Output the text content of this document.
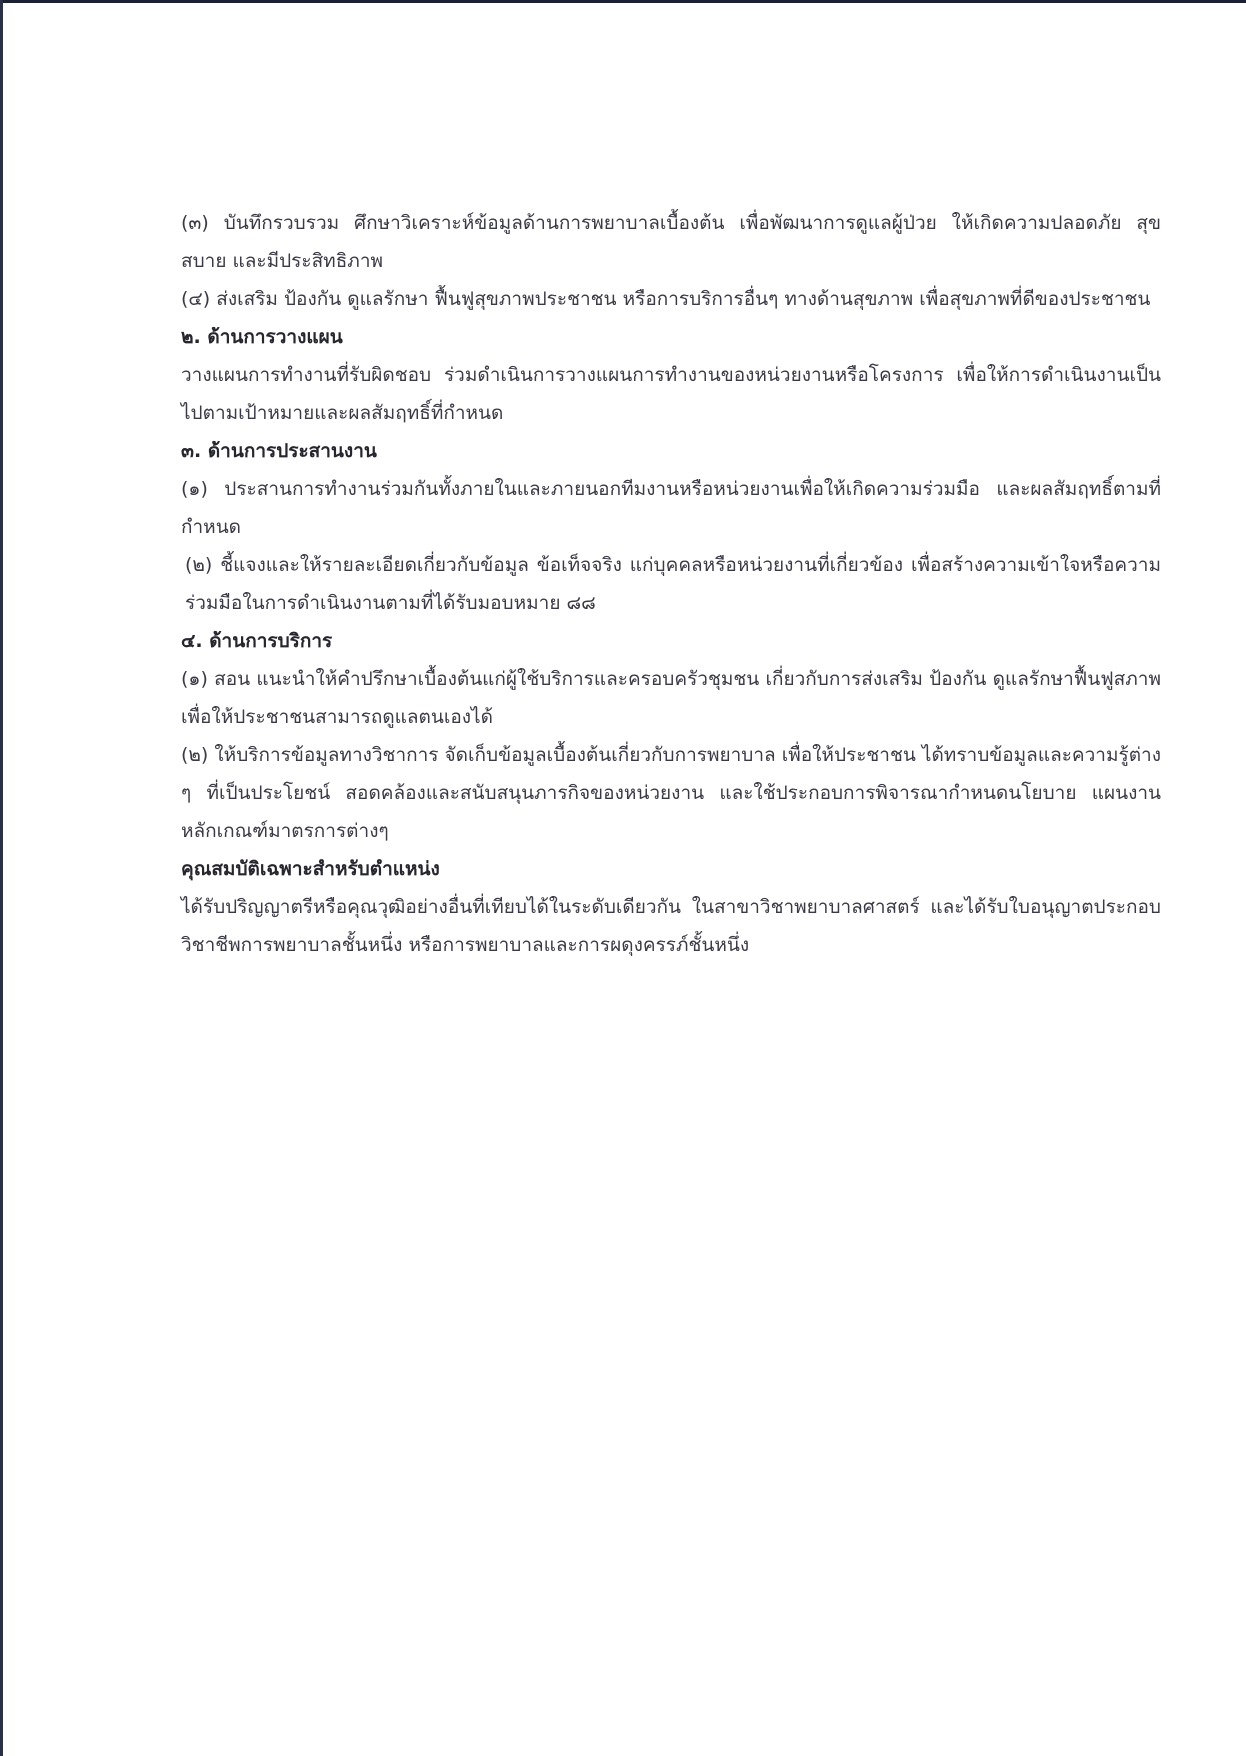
(๓) บันทึกรวบรวม ศึกษาวิเคราะห์ข้อมูลด้านการพยาบาลเบื้องต้น เพื่อพัฒนาการดูแลผู้ป่วย ให้เกิดความปลอดภัย สุขสบาย และมีประสิทธิภาพ

(๔) ส่งเสริม ป้องกัน ดูแลรักษา ฟื้นฟูสุขภาพประชาชน หรือการบริการอื่นๆ ทางด้านสุขภาพ เพื่อสุขภาพที่ดีของประชาชน

๒. ด้านการวางแผน

วางแผนการทำงานที่รับผิดชอบ ร่วมดำเนินการวางแผนการทำงานของหน่วยงานหรือโครงการ เพื่อให้การดำเนินงานเป็นไปตามเป้าหมายและผลสัมฤทธิ์ที่กำหนด

๓. ด้านการประสานงาน

(๑) ประสานการทำงานร่วมกันทั้งภายในและภายนอกทีมงานหรือหน่วยงานเพื่อให้เกิดความร่วมมือ และผลสัมฤทธิ์ตามที่กำหนด

(๒) ชี้แจงและให้รายละเอียดเกี่ยวกับข้อมูล ข้อเท็จจริง แก่บุคคลหรือหน่วยงานที่เกี่ยวข้อง เพื่อสร้างความเข้าใจหรือความร่วมมือในการดำเนินงานตามที่ได้รับมอบหมาย ๘๘

๔. ด้านการบริการ

(๑) สอน แนะนำให้คำปรึกษาเบื้องต้นแก่ผู้ใช้บริการและครอบครัวชุมชน เกี่ยวกับการส่งเสริม ป้องกัน ดูแลรักษาฟื้นฟูสภาพ เพื่อให้ประชาชนสามารถดูแลตนเองได้

(๒) ให้บริการข้อมูลทางวิชาการ จัดเก็บข้อมูลเบื้องต้นเกี่ยวกับการพยาบาล เพื่อให้ประชาชน ได้ทราบข้อมูลและความรู้ต่าง ๆ ที่เป็นประโยชน์ สอดคล้องและสนับสนุนภารกิจของหน่วยงาน และใช้ประกอบการพิจารณากำหนดนโยบาย แผนงาน หลักเกณฑ์มาตรการต่างๆ

คุณสมบัติเฉพาะสำหรับตำแหน่ง

ได้รับปริญญาตรีหรือคุณวุฒิอย่างอื่นที่เทียบได้ในระดับเดียวกัน ในสาขาวิชาพยาบาลศาสตร์ และได้รับใบอนุญาตประกอบวิชาชีพการพยาบาลชั้นหนึ่ง หรือการพยาบาลและการผดุงครรภ์ชั้นหนึ่ง
